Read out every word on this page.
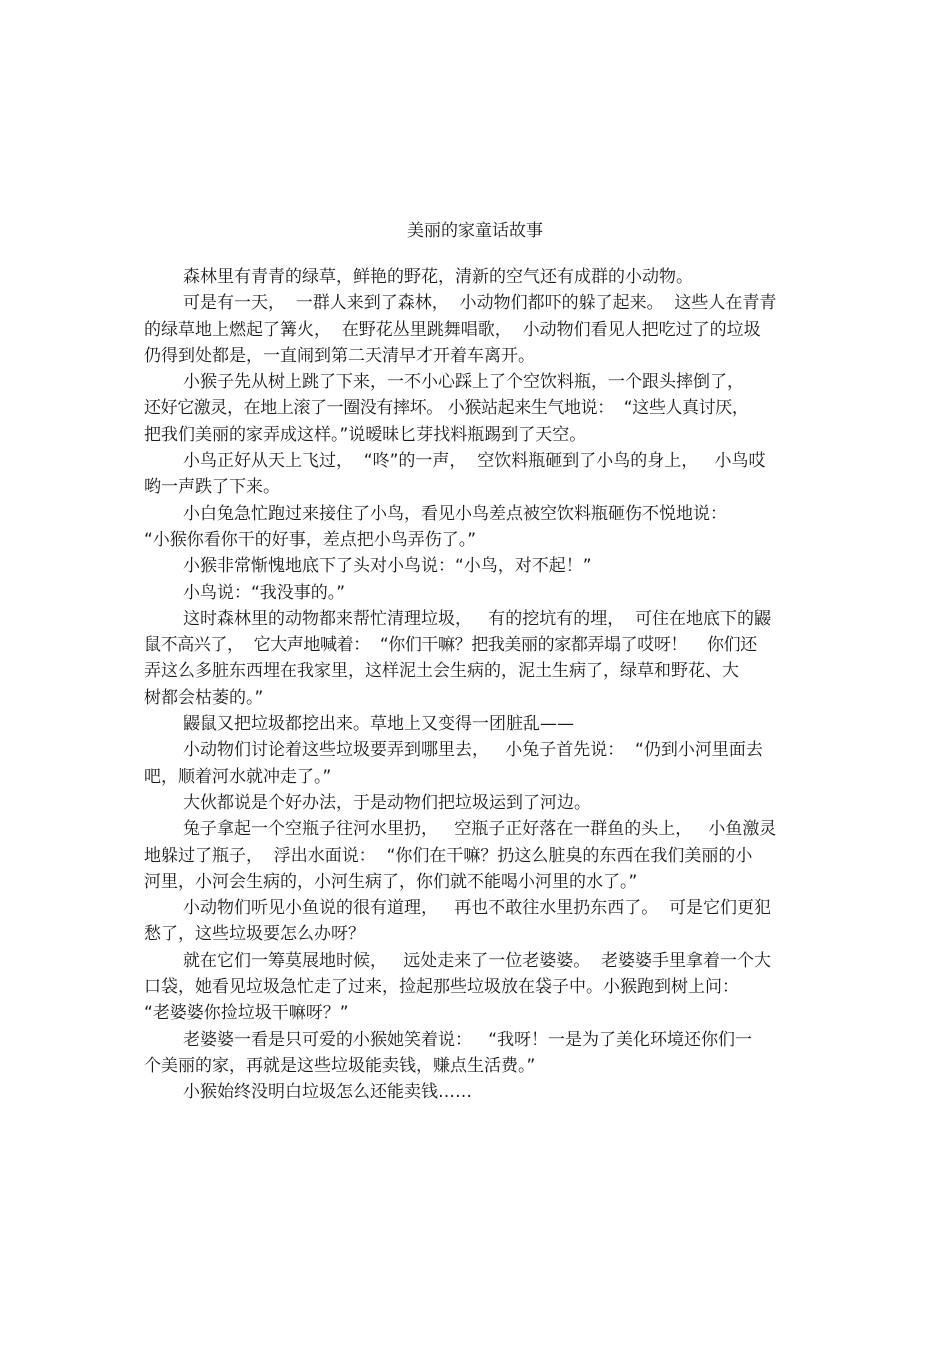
美丽的家童话故事
森林里有青青的绿草，鲜艳的野花，清新的空气还有成群的小动物。
可是有一天，  一群人来到了森林，  小动物们都吓的躲了起来。  这些人在青青
的绿草地上燃起了篝火，  在野花丛里跳舞唱歌，  小动物们看见人把吃过了的垃圾
仍得到处都是，一直闹到第二天清早才开着车离开。
小猴子先从树上跳了下来，一不小心踩上了个空饮料瓶，一个跟头摔倒了，
还好它激灵，在地上滚了一圈没有摔坏。 小猴站起来生气地说：  “这些人真讨厌，
把我们美丽的家弄成这样。”说暧昧匕芽找料瓶踢到了天空。
小鸟正好从天上飞过，  “咚”的一声，  空饮料瓶砸到了小鸟的身上，   小鸟哎
哟一声跌了下来。
小白兔急忙跑过来接住了小鸟，看见小鸟差点被空饮料瓶砸伤不悦地说：
“小猴你看你干的好事，差点把小鸟弄伤了。”
小猴非常惭愧地底下了头对小鸟说：“小鸟，对不起！”
小鸟说：“我没事的。”
这时森林里的动物都来帮忙清理垃圾，   有的挖坑有的埋，  可住在地底下的鼹
鼠不高兴了，  它大声地喊着：  “你们干嘛？把我美丽的家都弄塌了哎呀！    你们还
弄这么多脏东西埋在我家里，这样泥土会生病的，泥土生病了，绿草和野花、大
树都会枯萎的。”
鼹鼠又把垃圾都挖出来。草地上又变得一团脏乱——
小动物们讨论着这些垃圾要弄到哪里去，   小兔子首先说：  “仍到小河里面去
吧，顺着河水就冲走了。”
大伙都说是个好办法，于是动物们把垃圾运到了河边。
兔子拿起一个空瓶子往河水里扔，   空瓶子正好落在一群鱼的头上，   小鱼激灵
地躲过了瓶子，  浮出水面说：  “你们在干嘛？扔这么脏臭的东西在我们美丽的小
河里，小河会生病的，小河生病了，你们就不能喝小河里的水了。”
小动物们听见小鱼说的很有道理，   再也不敢往水里扔东西了。  可是它们更犯
愁了，这些垃圾要怎么办呀？
就在它们一筹莫展地时候，   远处走来了一位老婆婆。  老婆婆手里拿着一个大
口袋，她看见垃圾急忙走了过来，捡起那些垃圾放在袋子中。小猴跑到树上问：
“老婆婆你捡垃圾干嘛呀？”
老婆婆一看是只可爱的小猴她笑着说：   “我呀！一是为了美化环境还你们一
个美丽的家，再就是这些垃圾能卖钱，赚点生活费。”
小猴始终没明白垃圾怎么还能卖钱……
